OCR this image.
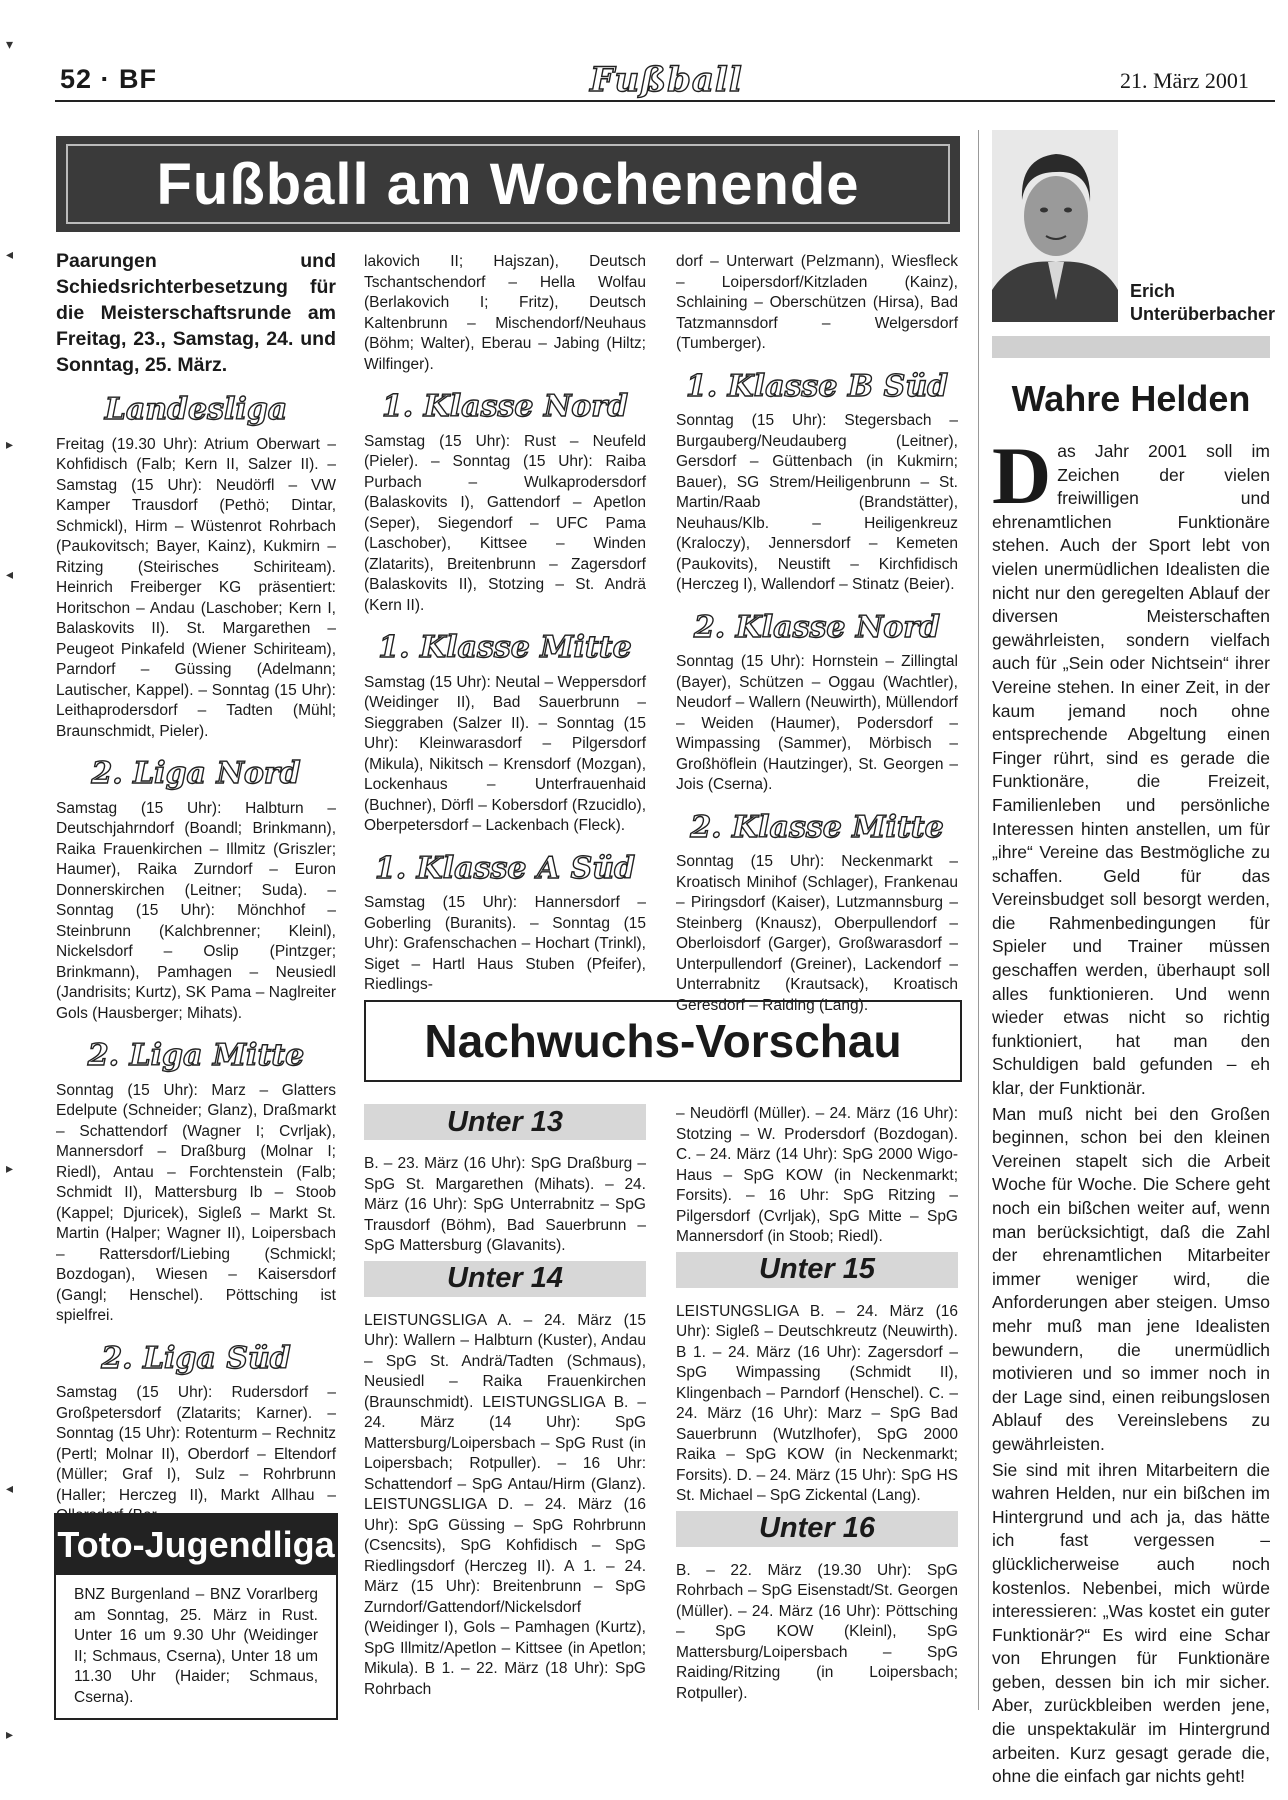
52 · BF	Fußball	21. März 2001
Fußball am Wochenende

Paarungen und Schiedsrichterbesetzung für die Meisterschaftsrunde am Freitag, 23., Samstag, 24. und Sonntag, 25. März.

Landesliga

Freitag (19.30 Uhr): Atrium Oberwart – Kohfidisch (Falb; Kern II, Salzer II). – Samstag (15 Uhr): Neudörfl – VW Kamper Trausdorf (Pethö; Dintar, Schmickl), Hirm – Wüstenrot Rohrbach (Paukovitsch; Bayer, Kainz), Kukmirn – Ritzing (Steirisches Schiriteam). Heinrich Freiberger KG präsentiert: Horitschon – Andau (Laschober; Kern I, Balaskovits II). St. Margarethen – Peugeot Pinkafeld (Wiener Schiriteam), Parndorf – Güssing (Adelmann; Lautischer, Kappel). – Sonntag (15 Uhr): Leithaprodersdorf – Tadten (Mühl; Braunschmidt, Pieler).

2. Liga Nord

Samstag (15 Uhr): Halbturn – Deutschjahrndorf (Boandl; Brinkmann), Raika Frauenkirchen – Illmitz (Griszler; Haumer), Raika Zurndorf – Euron Donnerskirchen (Leitner; Suda). – Sonntag (15 Uhr): Mönchhof – Steinbrunn (Kalchbrenner; Kleinl), Nickelsdorf – Oslip (Pintzger; Brinkmann), Pamhagen – Neusiedl (Jandrisits; Kurtz), SK Pama – Naglreiter Gols (Hausberger; Mihats).

2. Liga Mitte

Sonntag (15 Uhr): Marz – Glatters Edelpute (Schneider; Glanz), Draßmarkt – Schattendorf (Wagner I; Cvrljak), Mannersdorf – Draßburg (Molnar I; Riedl), Antau – Forchtenstein (Falb; Schmidt II), Mattersburg Ib – Stoob (Kappel; Djuricek), Sigleß – Markt St. Martin (Halper; Wagner II), Loipersbach – Rattersdorf/Liebing (Schmickl; Bozdogan), Wiesen – Kaisersdorf (Gangl; Henschel). Pöttsching ist spielfrei.

2. Liga Süd

Samstag (15 Uhr): Rudersdorf – Großpetersdorf (Zlatarits; Karner). – Sonntag (15 Uhr): Rotenturm – Rechnitz (Pertl; Molnar II), Oberdorf – Eltendorf (Müller; Graf I), Sulz – Rohrbrunn (Haller; Herczeg II), Markt Allhau –

lakovich II; Hajszan), Deutsch Tschantschendorf – Hella Wolfau (Berlakovich I; Fritz), Deutsch Kaltenbrunn – Mischendorf/Neuhaus (Böhm; Walter), Eberau – Jabing (Hiltz; Wilfinger).

1. Klasse Nord

Samstag (15 Uhr): Rust – Neufeld (Pieler). – Sonntag (15 Uhr): Raiba Purbach – Wulkaprodersdorf (Balaskovits I), Gattendorf – Apetlon (Seper), Siegendorf – UFC Pama (Laschober), Kittsee – Winden (Zlatarits), Breitenbrunn – Zagersdorf (Balaskovits II), Stotzing – St. Andrä (Kern II).

1. Klasse Mitte

Samstag (15 Uhr): Neutal – Weppersdorf (Weidinger II), Bad Sauerbrunn – Sieggraben (Salzer II). – Sonntag (15 Uhr): Kleinwarasdorf – Pilgersdorf (Mikula), Nikitsch – Krensdorf (Mozgan), Lockenhaus – Unterfrauenhaid (Buchner), Dörfl – Kobersdorf (Rzucidlo), Oberpetersdorf – Lackenbach (Fleck).

1. Klasse A Süd

Samstag (15 Uhr): Hannersdorf – Goberling (Buranits). – Sonntag (15 Uhr): Grafenschachen – Hochart (Trinkl), Siget – Hartl Haus Stuben (Pfeifer), Riedlings-

dorf – Unterwart (Pelzmann), Wiesfleck – Loipersdorf/Kitzladen (Kainz), Schlaining – Oberschützen (Hirsa), Bad Tatzmannsdorf – Welgersdorf (Tumberger).

1. Klasse B Süd

Sonntag (15 Uhr): Stegersbach – Burgauberg/Neudauberg (Leitner), Gersdorf – Güttenbach (in Kukmirn; Bauer), SG Strem/Heiligenbrunn – St. Martin/Raab (Brandstätter), Neuhaus/Klb. – Heiligenkreuz (Kraloczy), Jennersdorf – Kemeten (Paukovits), Neustift – Kirchfidisch (Herczeg I), Wallendorf – Stinatz (Beier).

2. Klasse Nord

Sonntag (15 Uhr): Hornstein – Zillingtal (Bayer), Schützen – Oggau (Wachtler), Neudorf – Wallern (Neuwirth), Müllendorf – Weiden (Haumer), Podersdorf – Wimpassing (Sammer), Mörbisch – Großhöflein (Hautzinger), St. Georgen – Jois (Cserna).

2. Klasse Mitte

Sonntag (15 Uhr): Neckenmarkt – Kroatisch Minihof (Schlager), Frankenau – Piringsdorf (Kaiser), Lutzmannsburg – Steinberg (Knausz), Oberpullendorf – Oberloisdorf (Garger), Großwarasdorf – Unterpullendorf (Greiner), Lackendorf – Unterrabnitz (Krautsack), Kroatisch Geresdorf – Raiding (Lang).

Nachwuchs-Vorschau
Unter 13

B. – 23. März (16 Uhr): SpG Draßburg – SpG St. Margarethen (Mihats). – 24. März (16 Uhr): SpG Unterrabnitz – SpG Trausdorf (Böhm), Bad Sauerbrunn – SpG Mattersburg (Glavanits).

Unter 14

LEISTUNGSLIGA A. – 24. März (15 Uhr): Wallern – Halbturn (Kuster), Andau – SpG St. Andrä/Tadten (Schmaus), Neusiedl – Raika Frauenkirchen (Braunschmidt). LEISTUNGSLIGA B. – 24. März (14 Uhr): SpG Mattersburg/Loipersbach – SpG Rust (in Loipersbach; Rotpuller). – 16 Uhr: Schattendorf – SpG Antau/Hirm (Glanz). LEISTUNGSLIGA D. – 24. März (16 Uhr): SpG Güssing – SpG Rohrbrunn (Csencsits), SpG Kohfidisch – SpG Riedlingsdorf (Herczeg II). A 1. – 24. März (15 Uhr): Breitenbrunn – SpG Zurndorf/Gattendorf/Nickelsdorf (Weidinger I), Gols – Pamhagen (Kurtz), SpG Illmitz/Apetlon – Kittsee (in Apetlon; Mikula). B 1. – 22. März (18 Uhr): SpG Rohrbach

– Neudörfl (Müller). – 24. März (16 Uhr): Stotzing – W. Prodersdorf (Bozdogan). C. – 24. März (14 Uhr): SpG 2000 Wigo-Haus – SpG KOW (in Neckenmarkt; Forsits). – 16 Uhr: SpG Ritzing – Pilgersdorf (Cvrljak), SpG Mitte – SpG Mannersdorf (in Stoob; Riedl).

Unter 15

LEISTUNGSLIGA B. – 24. März (16 Uhr): Sigleß – Deutschkreutz (Neuwirth). B 1. – 24. März (16 Uhr): Zagersdorf – SpG Wimpassing (Schmidt II), Klingenbach – Parndorf (Henschel). C. – 24. März (16 Uhr): Marz – SpG Bad Sauerbrunn (Wutzlhofer), SpG 2000 Raika – SpG KOW (in Neckenmarkt; Forsits). D. – 24. März (15 Uhr): SpG HS St. Michael – SpG Zickental (Lang).

Unter 16

B. – 22. März (19.30 Uhr): SpG Rohrbach – SpG Eisenstadt/St. Georgen (Müller). – 24. März (16 Uhr): Pöttsching – SpG KOW (Kleinl), SpG Mattersburg/Loipersbach – SpG Raiding/Ritzing (in Loipersbach; Rotpuller).

Toto-Jugendliga
BNZ Burgenland – BNZ Vorarlberg am Sonntag, 25. März in Rust. Unter 16 um 9.30 Uhr (Weidinger II; Schmaus, Cserna), Unter 18 um 11.30 Uhr (Haider; Schmaus, Cserna).
Erich Unterüberbacher
Wahre Helden

Das Jahr 2001 soll im Zeichen der vielen freiwilligen und ehrenamtlichen Funktionäre stehen. Auch der Sport lebt von vielen unermüdlichen Idealisten die nicht nur den geregelten Ablauf der diversen Meisterschaften gewährleisten, sondern vielfach auch für „Sein oder Nichtsein“ ihrer Vereine stehen. In einer Zeit, in der kaum jemand noch ohne entsprechende Abgeltung einen Finger rührt, sind es gerade die Funktionäre, die Freizeit, Familienleben und persönliche Interessen hinten anstellen, um für „ihre“ Vereine das Bestmögliche zu schaffen. Geld für das Vereinsbudget soll besorgt werden, die Rahmenbedingungen für Spieler und Trainer müssen geschaffen werden, überhaupt soll alles funktionieren. Und wenn wieder etwas nicht so richtig funktioniert, hat man den Schuldigen bald gefunden – eh klar, der Funktionär.

Man muß nicht bei den Großen beginnen, schon bei den kleinen Vereinen stapelt sich die Arbeit Woche für Woche. Die Schere geht noch ein bißchen weiter auf, wenn man berücksichtigt, daß die Zahl der ehrenamtlichen Mitarbeiter immer weniger wird, die Anforderungen aber steigen. Umso mehr muß man jene Idealisten bewundern, die unermüdlich motivieren und so immer noch in der Lage sind, einen reibungslosen Ablauf des Vereinslebens zu gewährleisten.

Sie sind mit ihren Mitarbeitern die wahren Helden, nur ein bißchen im Hintergrund und ach ja, das hätte ich fast vergessen – glücklicherweise auch noch kostenlos. Nebenbei, mich würde interessieren: „Was kostet ein guter Funktionär?“ Es wird eine Schar von Ehrungen für Funktionäre geben, dessen bin ich mir sicher. Aber, zurückbleiben werden jene, die unspektakulär im Hintergrund arbeiten. Kurz gesagt gerade die, ohne die einfach gar nichts geht!

▾
◂
▸
◂
▸
◂
▸
